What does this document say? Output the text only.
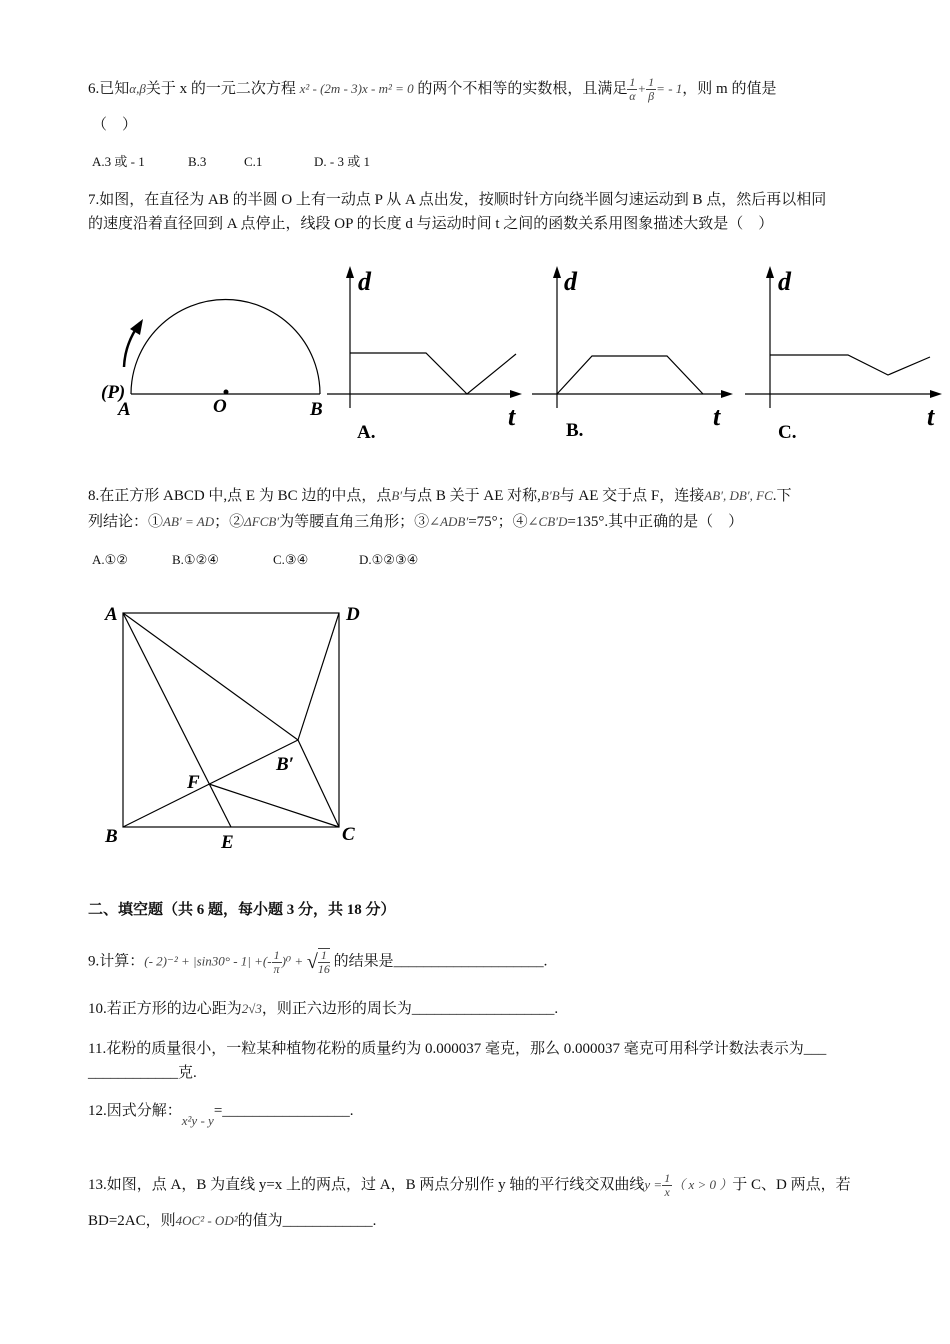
6.已知α,β关于 x 的一元二次方程 x² - (2m - 3)x - m² = 0 的两个不相等的实数根，且满足 $\frac{1}{\alpha} + \frac{1}{\beta}$ = - 1，则 m 的值是
（　）
A.3 或 - 1	B.3	C.1	D. - 3 或 1
7.如图，在直径为 AB 的半圆 O 上有一动点 P 从 A 点出发，按顺时针方向绕半圆匀速运动到 B 点，然后再以相同
的速度沿着直径回到 A 点停止，线段 OP 的长度 d 与运动时间 t 之间的函数关系用图象描述大致是（　）
(P)
A	O	B
d
t
A.
d
t
B.
d
t
C.
8.在正方形 ABCD 中,点 E 为 BC 边的中点，点B′与点 B 关于 AE 对称,B′B与 AE 交于点 F，连接AB′, DB′, FC.下
列结论：①AB′ = AD；②ΔFCB′为等腰直角三角形；③∠ADB′=75°；④∠CB′D=135°.其中正确的是（　）
A.①②	B.①②④	C.③④	D.①②③④
A	D
B	C
E
F
B′
二、填空题（共 6 题，每小题 3 分，共 18 分）
9.计算：(- 2)⁻² + |sin30° - 1| +(- $\frac{1}{\pi} )^0$ + √ $\frac{1}{16}$ 的结果是____________________.
10.若正方形的边心距为2√3，则正六边形的周长为___________________.
11.花粉的质量很小，一粒某种植物花粉的质量约为 0.000037 毫克，那么 0.000037 毫克可用科学计数法表示为___
____________克.
12.因式分解：x²y - y=_________________.
13.如图，点 A，B 为直线 y=x 上的两点，过 A，B 两点分别作 y 轴的平行线交双曲线$y = \frac{1}{x}$ （ x > 0 ）于 C、D 两点，若
BD=2AC，则4OC² - OD²的值为____________.
